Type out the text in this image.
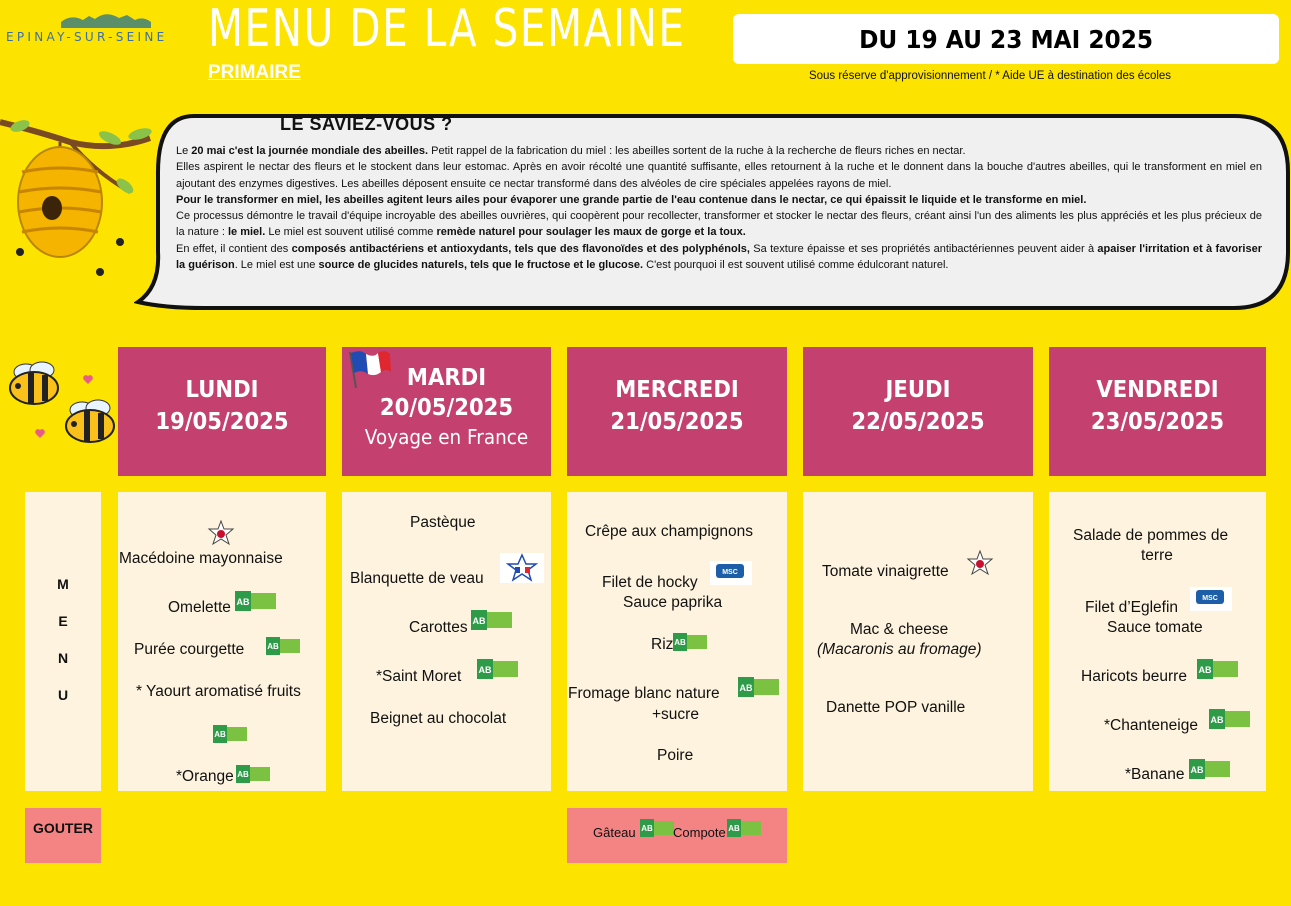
EPINAY-SUR-SEINE MENU DE LA SEMAINE
PRIMAIRE
DU 19 AU 23 MAI 2025
Sous réserve d'approvisionnement / * Aide UE à destination des écoles
LE SAVIEZ-VOUS ?
Le 20 mai c'est la journée mondiale des abeilles. Petit rappel de la fabrication du miel : les abeilles sortent de la ruche à la recherche de fleurs riches en nectar.
Elles aspirent le nectar des fleurs et le stockent dans leur estomac. Après en avoir récolté une quantité suffisante, elles retournent à la ruche et le donnent dans la bouche d'autres abeilles, qui le transforment en miel en ajoutant des enzymes digestives. Les abeilles déposent ensuite ce nectar transformé dans des alvéoles de cire spéciales appelées rayons de miel.
Pour le transformer en miel, les abeilles agitent leurs ailes pour évaporer une grande partie de l'eau contenue dans le nectar, ce qui épaissit le liquide et le transforme en miel.
Ce processus démontre le travail d'équipe incroyable des abeilles ouvrières, qui coopèrent pour recollecter, transformer et stocker le nectar des fleurs, créant ainsi l'un des aliments les plus appréciés et les plus précieux de la nature : le miel. Le miel est souvent utilisé comme remède naturel pour soulager les maux de gorge et la toux.
En effet, il contient des composés antibactériens et antioxydants, tels que des flavonoïdes et des polyphénols, Sa texture épaisse et ses propriétés antibactériennes peuvent aider à apaiser l'irritation et à favoriser la guérison. Le miel est une source de glucides naturels, tels que le fructose et le glucose. C'est pourquoi il est souvent utilisé comme édulcorant naturel.
LUNDI
19/05/2025
MARDI
20/05/2025
Voyage en France
MERCREDI
21/05/2025
JEUDI
22/05/2025
VENDREDI
23/05/2025
M
E
N
U
Macédoine mayonnaise
Omelette AB
Purée courgette	AB
* Yaourt aromatisé fruits
AB
*Orange AB
Pastèque
Blanquette de veau
Carottes AB
*Saint Moret AB
Beignet au chocolat
Crêpe aux champignons
Filet de hocky
MSC
Sauce paprika
Riz AB
Fromage blanc nature AB
+sucre
Poire
Tomate vinaigrette
Mac & cheese
(Macaronis au fromage)
Danette POP vanille
Salade de pommes de
terre
Filet d’Eglefin
MSC
Sauce tomate
Haricots beurre AB
*Chanteneige AB
*Banane AB
GOUTER	Gâteau AB Compote AB
